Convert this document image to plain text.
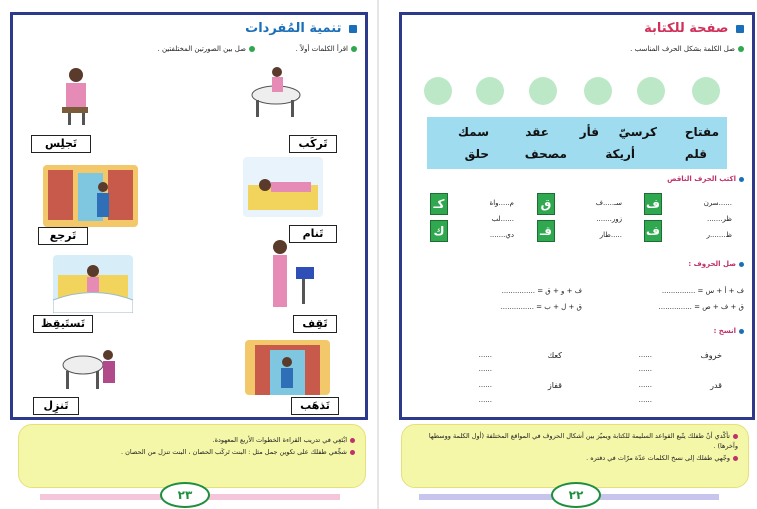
تنمية المُفردات
اقرأ الكلمات أولاً .
صل بين الصورتين المختلفتين .
تَجلِس
تَرجع
تَستَيقِظ
تَنزِل
تَركَب
تَنام
تَقِف
تَذهَب
ابْتَعِي في تدريب القراءة الخطوات الأربع المعهودة.
شجِّعي طفلك على تكوين جمل مثل : البنت تَركَب الحصان ، البنت تنزل من الحصان .
٢٣
صفحة للكتابة
صل الكلمة بشكل الحرف المناسب .
مفتاح
كرسيّ
فأر
عقد
سمك
قلم
أريكة
مصحف
حلق
اكتب الحرف الناقص
ف
ف
......سرن
ظر.......
ظ.......ر
ق
قـ
سـ.....ف
زور.......
.....طار
كـ
ك
م.....واة
......لب
دي.......
صل الحروف :
ف + أ + س = ...............
ق + ف + ص = ...............
ف + و + ق = ...............
ق + ل + ب = ...............
انسخ :
خروف
كعك
قدر
قفاز
......
......
......
......
......
......
......
......
تأكّدي أنّ طفلك يتّبع القواعد السليمة للكتابة ويميّز بين أشكال الحروف في المواقع المختلفة (أول الكلمة ووسطها وآخرها) .
وجّهي طفلك إلى نسخ الكلمات عدّة مرّات في دفتره .
٢٢
